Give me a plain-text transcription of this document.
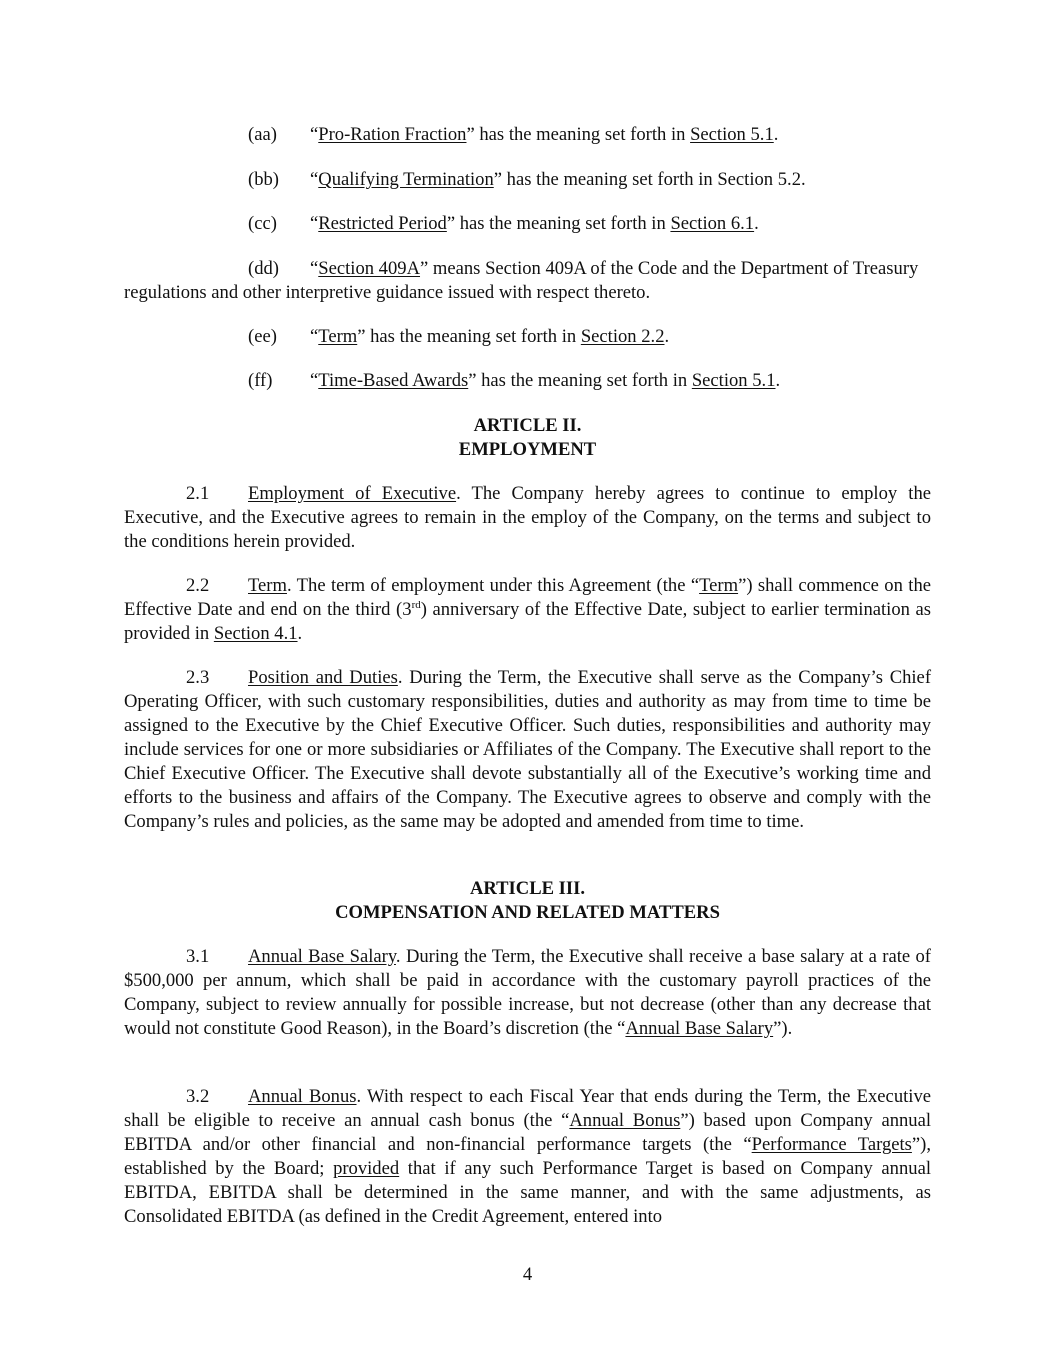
(aa) “Pro-Ration Fraction” has the meaning set forth in Section 5.1.
(bb) “Qualifying Termination” has the meaning set forth in Section 5.2.
(cc) “Restricted Period” has the meaning set forth in Section 6.1.
(dd) “Section 409A” means Section 409A of the Code and the Department of Treasury regulations and other interpretive guidance issued with respect thereto.
(ee) “Term” has the meaning set forth in Section 2.2.
(ff) “Time-Based Awards” has the meaning set forth in Section 5.1.
ARTICLE II.
EMPLOYMENT
2.1 Employment of Executive. The Company hereby agrees to continue to employ the Executive, and the Executive agrees to remain in the employ of the Company, on the terms and subject to the conditions herein provided.
2.2 Term. The term of employment under this Agreement (the “Term”) shall commence on the Effective Date and end on the third (3rd) anniversary of the Effective Date, subject to earlier termination as provided in Section 4.1.
2.3 Position and Duties. During the Term, the Executive shall serve as the Company’s Chief Operating Officer, with such customary responsibilities, duties and authority as may from time to time be assigned to the Executive by the Chief Executive Officer. Such duties, responsibilities and authority may include services for one or more subsidiaries or Affiliates of the Company. The Executive shall report to the Chief Executive Officer. The Executive shall devote substantially all of the Executive’s working time and efforts to the business and affairs of the Company. The Executive agrees to observe and comply with the Company’s rules and policies, as the same may be adopted and amended from time to time.
ARTICLE III.
COMPENSATION AND RELATED MATTERS
3.1 Annual Base Salary. During the Term, the Executive shall receive a base salary at a rate of $500,000 per annum, which shall be paid in accordance with the customary payroll practices of the Company, subject to review annually for possible increase, but not decrease (other than any decrease that would not constitute Good Reason), in the Board’s discretion (the “Annual Base Salary”).
3.2 Annual Bonus. With respect to each Fiscal Year that ends during the Term, the Executive shall be eligible to receive an annual cash bonus (the “Annual Bonus”) based upon Company annual EBITDA and/or other financial and non-financial performance targets (the “Performance Targets”), established by the Board; provided that if any such Performance Target is based on Company annual EBITDA, EBITDA shall be determined in the same manner, and with the same adjustments, as Consolidated EBITDA (as defined in the Credit Agreement, entered into
4
